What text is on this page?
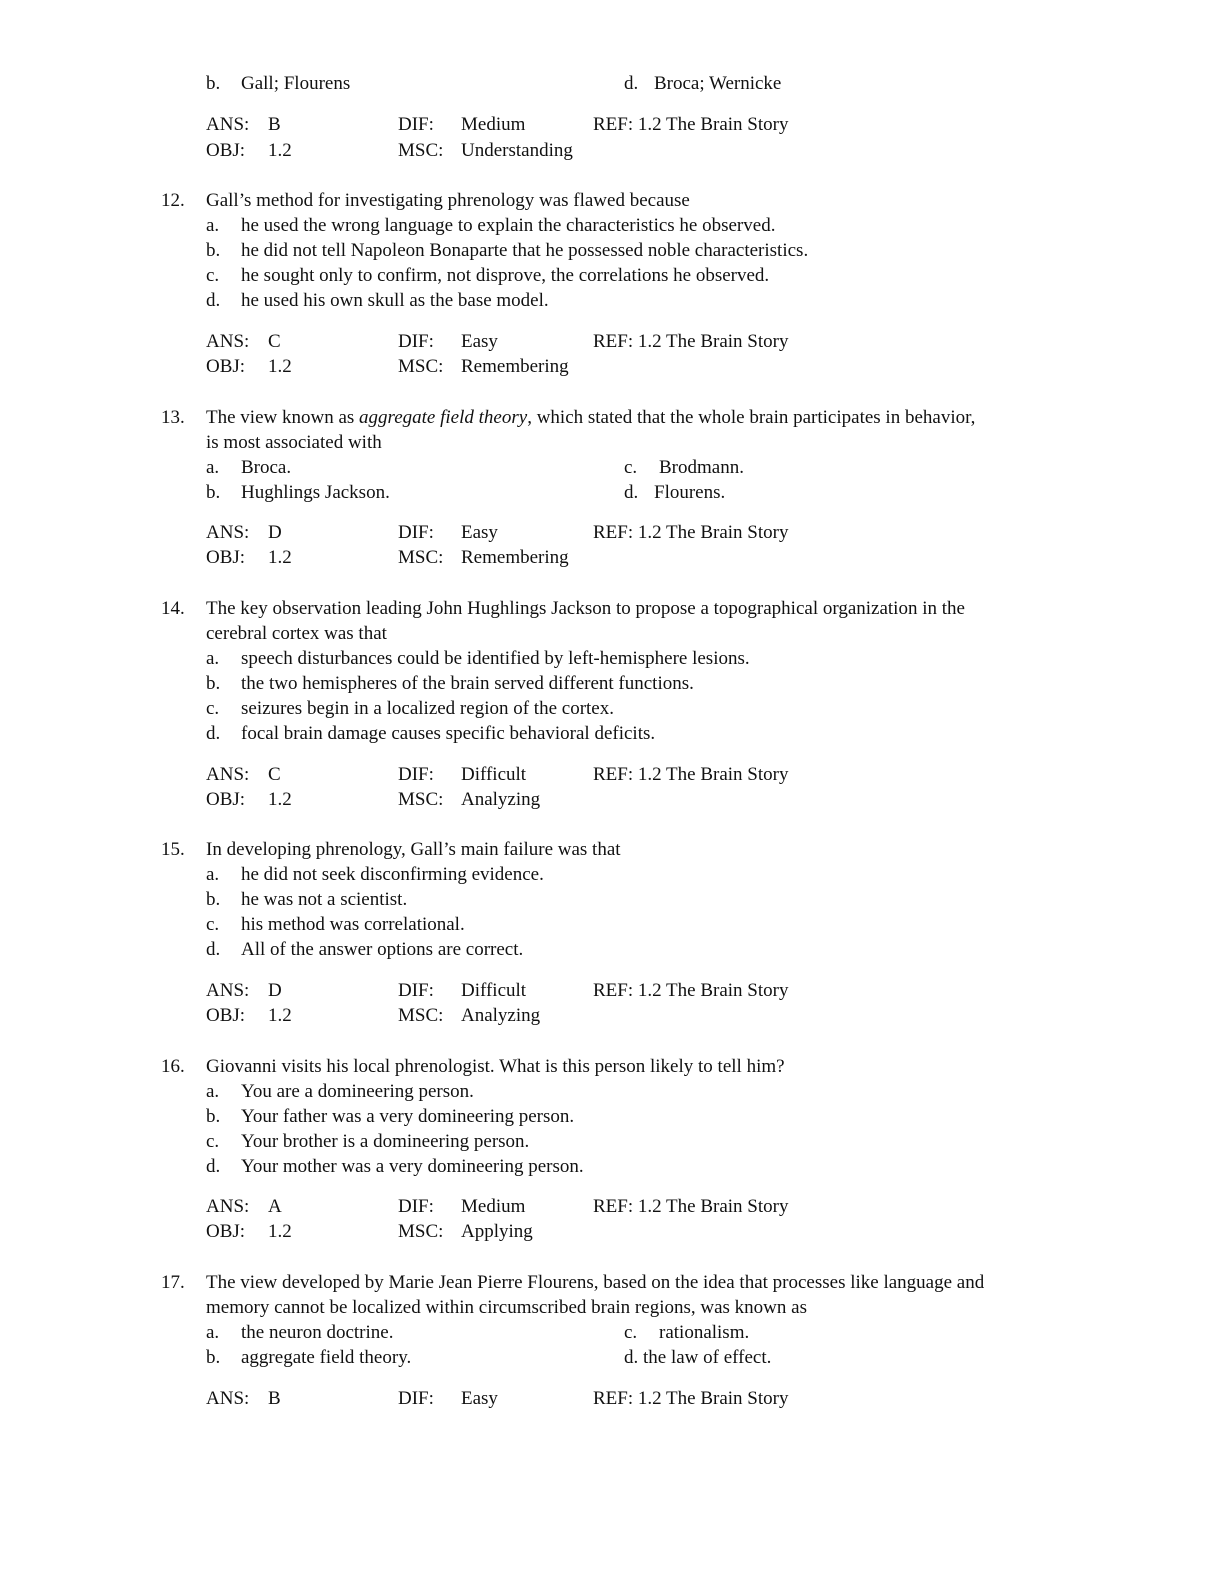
b. Gall; Flourens	d. Broca; Wernicke
ANS: B	DIF: Medium	REF: 1.2 The Brain Story
OBJ: 1.2	MSC: Understanding
12. Gall’s method for investigating phrenology was flawed because
a. he used the wrong language to explain the characteristics he observed.
b. he did not tell Napoleon Bonaparte that he possessed noble characteristics.
c. he sought only to confirm, not disprove, the correlations he observed.
d. he used his own skull as the base model.
ANS: C	DIF: Easy	REF: 1.2 The Brain Story
OBJ: 1.2	MSC: Remembering
13. The view known as aggregate field theory, which stated that the whole brain participates in behavior,
is most associated with
a. Broca.	c. Brodmann.
b. Hughlings Jackson.	d. Flourens.
ANS: D	DIF: Easy	REF: 1.2 The Brain Story
OBJ: 1.2	MSC: Remembering
14. The key observation leading John Hughlings Jackson to propose a topographical organization in the
cerebral cortex was that
a. speech disturbances could be identified by left-hemisphere lesions.
b. the two hemispheres of the brain served different functions.
c. seizures begin in a localized region of the cortex.
d. focal brain damage causes specific behavioral deficits.
ANS: C	DIF: Difficult	REF: 1.2 The Brain Story
OBJ: 1.2	MSC: Analyzing
15. In developing phrenology, Gall’s main failure was that
a. he did not seek disconfirming evidence.
b. he was not a scientist.
c. his method was correlational.
d. All of the answer options are correct.
ANS: D	DIF: Difficult	REF: 1.2 The Brain Story
OBJ: 1.2	MSC: Analyzing
16. Giovanni visits his local phrenologist. What is this person likely to tell him?
a. You are a domineering person.
b. Your father was a very domineering person.
c. Your brother is a domineering person.
d. Your mother was a very domineering person.
ANS: A	DIF: Medium	REF: 1.2 The Brain Story
OBJ: 1.2	MSC: Applying
17. The view developed by Marie Jean Pierre Flourens, based on the idea that processes like language and
memory cannot be localized within circumscribed brain regions, was known as
a. the neuron doctrine.	c. rationalism.
b. aggregate field theory.	d. the law of effect.
ANS: B	DIF: Easy	REF: 1.2 The Brain Story
